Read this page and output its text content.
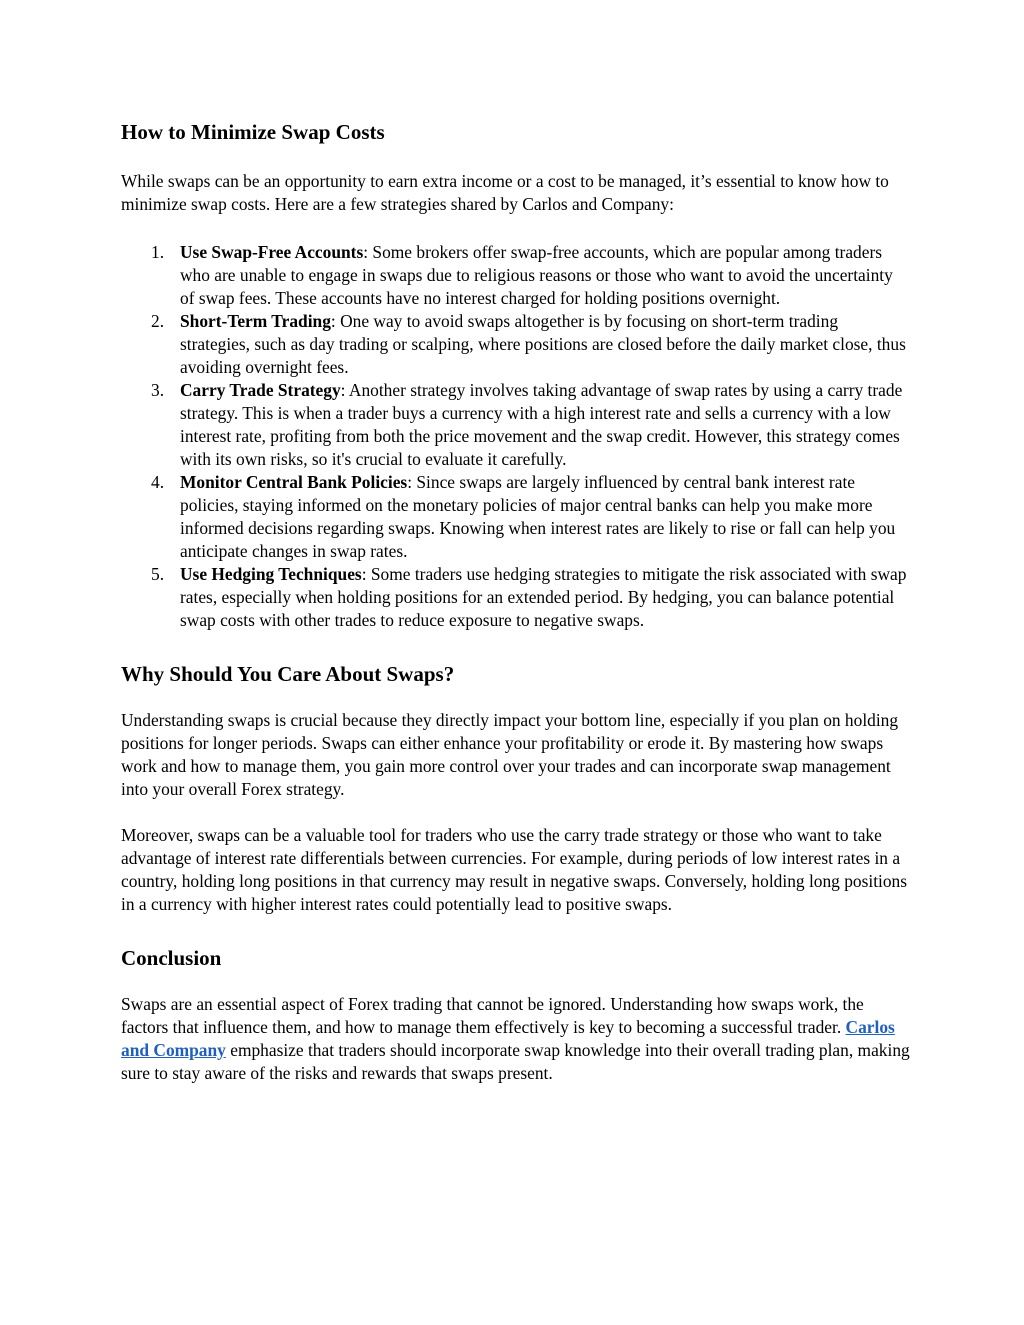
How to Minimize Swap Costs

While swaps can be an opportunity to earn extra income or a cost to be managed, it’s essential to know how to minimize swap costs. Here are a few strategies shared by Carlos and Company:

1. Use Swap-Free Accounts: Some brokers offer swap-free accounts, which are popular among traders who are unable to engage in swaps due to religious reasons or those who want to avoid the uncertainty of swap fees. These accounts have no interest charged for holding positions overnight.
2. Short-Term Trading: One way to avoid swaps altogether is by focusing on short-term trading strategies, such as day trading or scalping, where positions are closed before the daily market close, thus avoiding overnight fees.
3. Carry Trade Strategy: Another strategy involves taking advantage of swap rates by using a carry trade strategy. This is when a trader buys a currency with a high interest rate and sells a currency with a low interest rate, profiting from both the price movement and the swap credit. However, this strategy comes with its own risks, so it's crucial to evaluate it carefully.
4. Monitor Central Bank Policies: Since swaps are largely influenced by central bank interest rate policies, staying informed on the monetary policies of major central banks can help you make more informed decisions regarding swaps. Knowing when interest rates are likely to rise or fall can help you anticipate changes in swap rates.
5. Use Hedging Techniques: Some traders use hedging strategies to mitigate the risk associated with swap rates, especially when holding positions for an extended period. By hedging, you can balance potential swap costs with other trades to reduce exposure to negative swaps.
Why Should You Care About Swaps?

Understanding swaps is crucial because they directly impact your bottom line, especially if you plan on holding positions for longer periods. Swaps can either enhance your profitability or erode it. By mastering how swaps work and how to manage them, you gain more control over your trades and can incorporate swap management into your overall Forex strategy.

Moreover, swaps can be a valuable tool for traders who use the carry trade strategy or those who want to take advantage of interest rate differentials between currencies. For example, during periods of low interest rates in a country, holding long positions in that currency may result in negative swaps. Conversely, holding long positions in a currency with higher interest rates could potentially lead to positive swaps.

Conclusion

Swaps are an essential aspect of Forex trading that cannot be ignored. Understanding how swaps work, the factors that influence them, and how to manage them effectively is key to becoming a successful trader. Carlos and Company emphasize that traders should incorporate swap knowledge into their overall trading plan, making sure to stay aware of the risks and rewards that swaps present.
